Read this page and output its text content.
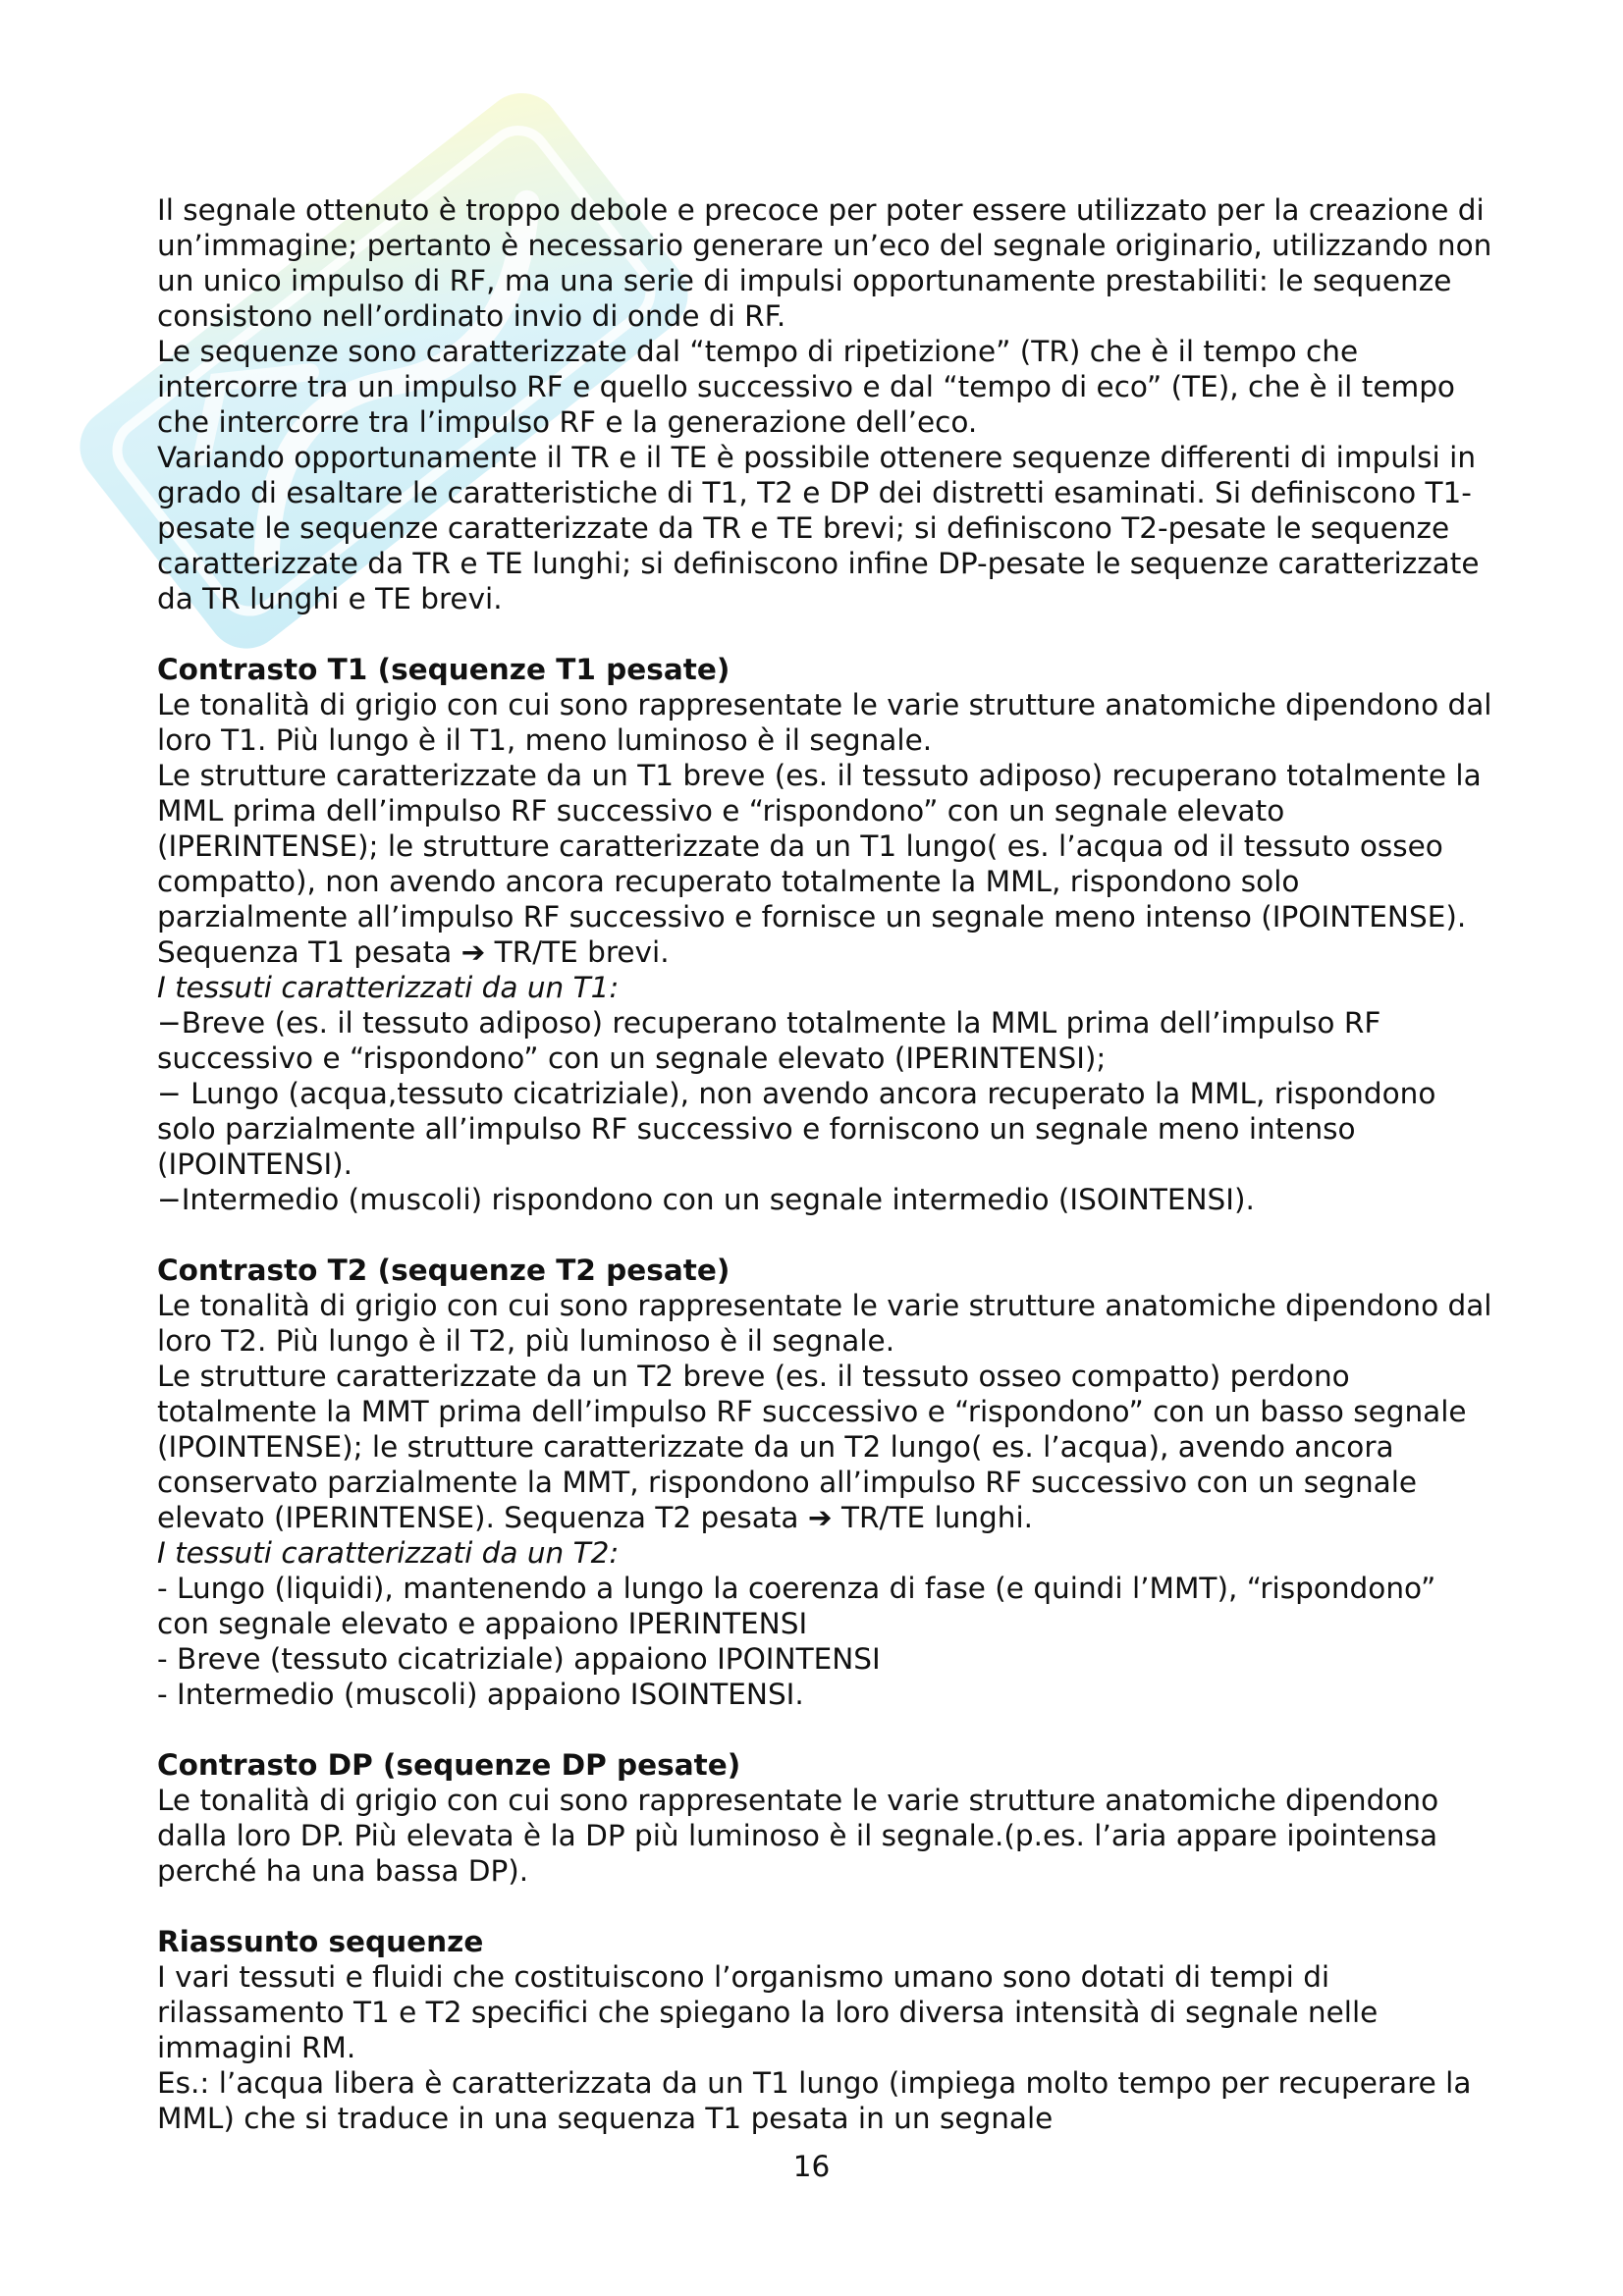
Il segnale ottenuto è troppo debole e precoce per poter essere utilizzato per la creazione di un’immagine; pertanto è necessario generare un’eco del segnale originario, utilizzando non un unico impulso di RF, ma una serie di impulsi opportunamente prestabiliti: le sequenze consistono nell’ordinato invio di onde di RF.

Le sequenze sono caratterizzate dal “tempo di ripetizione” (TR) che è il tempo che intercorre tra un impulso RF e quello successivo e dal “tempo di eco” (TE), che è il tempo che intercorre tra l’impulso RF e la generazione dell’eco.

Variando opportunamente il TR e il TE è possibile ottenere sequenze differenti di impulsi in grado di esaltare le caratteristiche di T1, T2 e DP dei distretti esaminati. Si definiscono T1-pesate le sequenze caratterizzate da TR e TE brevi; si definiscono T2-pesate le sequenze caratterizzate da TR e TE lunghi; si definiscono infine DP-pesate le sequenze caratterizzate da TR lunghi e TE brevi.

Contrasto T1 (sequenze T1 pesate)

Le tonalità di grigio con cui sono rappresentate le varie strutture anatomiche dipendono dal loro T1. Più lungo è il T1, meno luminoso è il segnale.

Le strutture caratterizzate da un T1 breve (es. il tessuto adiposo) recuperano totalmente la MML prima dell’impulso RF successivo e “rispondono” con un segnale elevato (IPERINTENSE); le strutture caratterizzate da un T1 lungo( es. l’acqua od il tessuto osseo compatto), non avendo ancora recuperato totalmente la MML, rispondono solo parzialmente all’impulso RF successivo e fornisce un segnale meno intenso (IPOINTENSE). Sequenza T1 pesata ➔ TR/TE brevi.

I tessuti caratterizzati da un T1:

−Breve (es. il tessuto adiposo) recuperano totalmente la MML prima dell’impulso RF successivo e “rispondono” con un segnale elevato (IPERINTENSI);

− Lungo (acqua,tessuto cicatriziale), non avendo ancora recuperato la MML, rispondono solo parzialmente all’impulso RF successivo e forniscono un segnale meno intenso (IPOINTENSI).

−Intermedio (muscoli) rispondono con un segnale intermedio (ISOINTENSI).

Contrasto T2 (sequenze T2 pesate)

Le tonalità di grigio con cui sono rappresentate le varie strutture anatomiche dipendono dal loro T2. Più lungo è il T2, più luminoso è il segnale.

Le strutture caratterizzate da un T2 breve (es. il tessuto osseo compatto) perdono totalmente la MMT prima dell’impulso RF successivo e “rispondono” con un basso segnale (IPOINTENSE); le strutture caratterizzate da un T2 lungo( es. l’acqua), avendo ancora conservato parzialmente la MMT, rispondono all’impulso RF successivo con un segnale elevato (IPERINTENSE). Sequenza T2 pesata ➔ TR/TE lunghi.

I tessuti caratterizzati da un T2:

- Lungo (liquidi), mantenendo a lungo la coerenza di fase (e quindi l’MMT), “rispondono” con segnale elevato e appaiono IPERINTENSI

- Breve (tessuto cicatriziale) appaiono IPOINTENSI

- Intermedio (muscoli) appaiono ISOINTENSI.

Contrasto DP (sequenze DP pesate)

Le tonalità di grigio con cui sono rappresentate le varie strutture anatomiche dipendono dalla loro DP. Più elevata è la DP più luminoso è il segnale.(p.es. l’aria appare ipointensa perché ha una bassa DP).

Riassunto sequenze

I vari tessuti e fluidi che costituiscono l’organismo umano sono dotati di tempi di rilassamento T1 e T2 specifici che spiegano la loro diversa intensità di segnale nelle immagini RM.

Es.: l’acqua libera è caratterizzata da un T1 lungo (impiega molto tempo per recuperare la MML) che si traduce in una sequenza T1 pesata in un segnale

16
